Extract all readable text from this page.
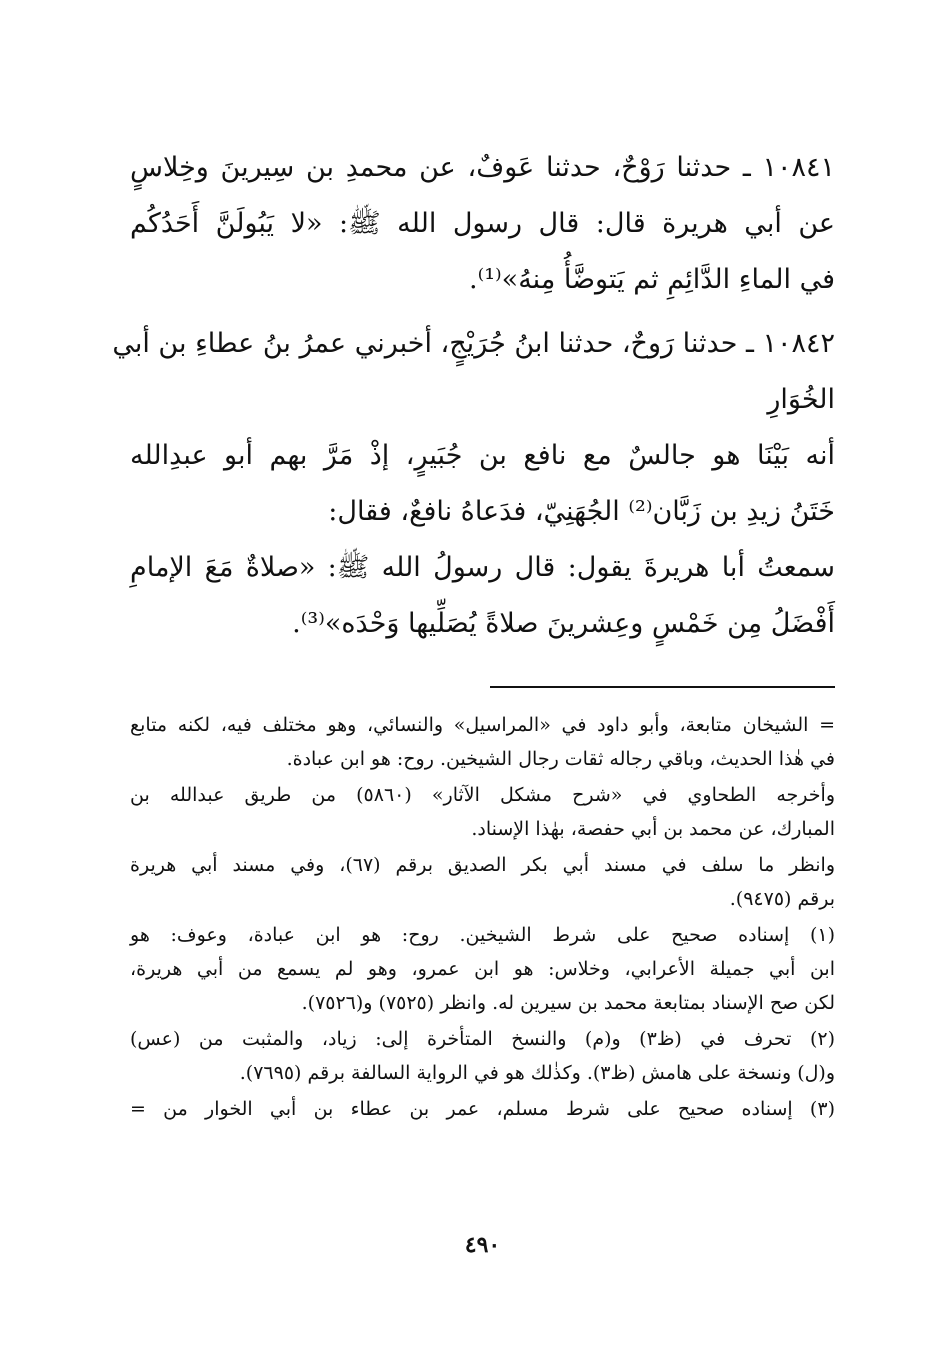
١٠٨٤١ ـ حدثنا رَوْحٌ، حدثنا عَوفٌ، عن محمدِ بن سِيرينَ وخِلاسٍ
عن أبي هريرة قال: قال رسول الله ﷺ: «لا يَبُولَنَّ أَحَدُكُم
في الماءِ الدَّائِمِ ثم يَتوضَّأُ مِنهُ»⁽¹⁾.
١٠٨٤٢ ـ حدثنا رَوحٌ، حدثنا ابنُ جُرَيْجٍ، أخبرني عمرُ بنُ عطاءِ بن أبي
الخُوَارِ
أنه بَيْنَا هو جالسٌ مع نافع بن جُبَيرٍ، إذْ مَرَّ بهم أبو عبدِالله
خَتَنُ زيدِ بن زَبَّان⁽²⁾ الجُهَنِيّ، فدَعاهُ نافعٌ، فقال:
سمعتُ أبا هريرةَ يقول: قال رسولُ الله ﷺ: «صلاةٌ مَعَ الإمامِ
أَفْضَلُ مِن خَمْسٍ وعِشرينَ صلاةً يُصَلِّيها وَحْدَه»⁽³⁾.
= الشيخان متابعة، وأبو داود في «المراسيل» والنسائي، وهو مختلف فيه، لكنه متابع
في هٰذا الحديث، وباقي رجاله ثقات رجال الشيخين. روح: هو ابن عبادة.
وأخرجه الطحاوي في «شرح مشكل الآثار» (٥٨٦٠) من طريق عبدالله بن
المبارك، عن محمد بن أبي حفصة، بهٰذا الإسناد.
وانظر ما سلف في مسند أبي بكر الصديق برقم (٦٧)، وفي مسند أبي هريرة
برقم (٩٤٧٥).
(١) إسناده صحيح على شرط الشيخين. روح: هو ابن عبادة، وعوف: هو
ابن أبي جميلة الأعرابي، وخلاس: هو ابن عمرو، وهو لم يسمع من أبي هريرة،
لكن صح الإسناد بمتابعة محمد بن سيرين له. وانظر (٧٥٢٥) و(٧٥٢٦).
(٢) تحرف في (ظ٣) و(م) والنسخ المتأخرة إلى: زياد، والمثبت من (عس)
و(ل) ونسخة على هامش (ظ٣). وكذٰلك هو في الرواية السالفة برقم (٧٦٩٥).
(٣) إسناده صحيح على شرط مسلم، عمر بن عطاء بن أبي الخوار من =
٤٩٠
